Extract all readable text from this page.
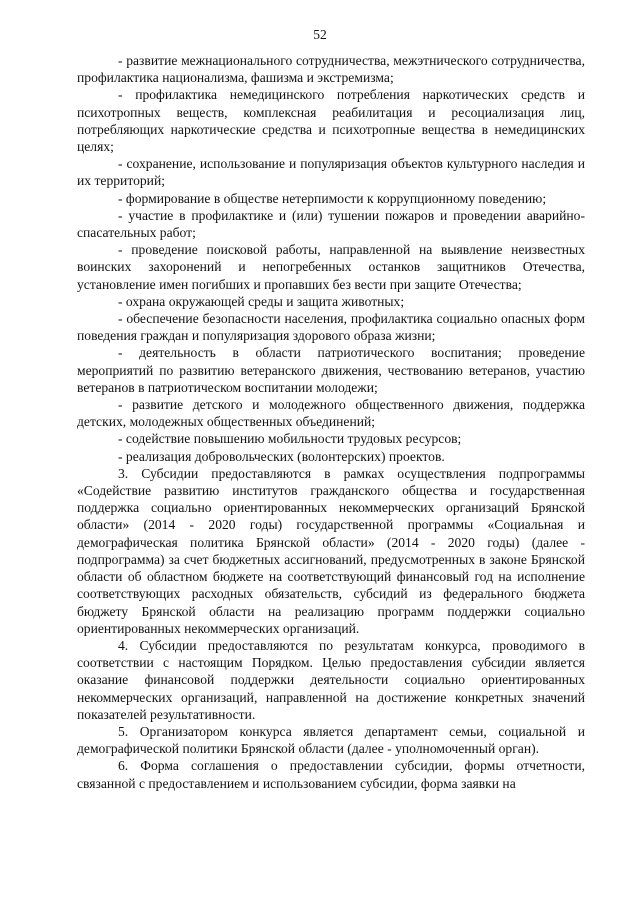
52

- развитие межнационального сотрудничества, межэтнического сотрудничества, профилактика национализма, фашизма и экстремизма;

- профилактика немедицинского потребления наркотических средств и психотропных веществ, комплексная реабилитация и ресоциализация лиц, потребляющих наркотические средства и психотропные вещества в немедицинских целях;

- сохранение, использование и популяризация объектов культурного наследия и их территорий;

- формирование в обществе нетерпимости к коррупционному поведению;

- участие в профилактике и (или) тушении пожаров и проведении аварийно-спасательных работ;

- проведение поисковой работы, направленной на выявление неизвестных воинских захоронений и непогребенных останков защитников Отечества, установление имен погибших и пропавших без вести при защите Отечества;

- охрана окружающей среды и защита животных;

- обеспечение безопасности населения, профилактика социально опасных форм поведения граждан и популяризация здорового образа жизни;

- деятельность в области патриотического воспитания; проведение мероприятий по развитию ветеранского движения, чествованию ветеранов, участию ветеранов в патриотическом воспитании молодежи;

- развитие детского и молодежного общественного движения, поддержка детских, молодежных общественных объединений;

- содействие повышению мобильности трудовых ресурсов;

- реализация добровольческих (волонтерских) проектов.

3. Субсидии предоставляются в рамках осуществления подпрограммы «Содействие развитию институтов гражданского общества и государственная поддержка социально ориентированных некоммерческих организаций Брянской области» (2014 - 2020 годы) государственной программы «Социальная и демографическая политика Брянской области» (2014 - 2020 годы) (далее - подпрограмма) за счет бюджетных ассигнований, предусмотренных в законе Брянской области об областном бюджете на соответствующий финансовый год на исполнение соответствующих расходных обязательств, субсидий из федерального бюджета бюджету Брянской области на реализацию программ поддержки социально ориентированных некоммерческих организаций.

4. Субсидии предоставляются по результатам конкурса, проводимого в соответствии с настоящим Порядком. Целью предоставления субсидии является оказание финансовой поддержки деятельности социально ориентированных некоммерческих организаций, направленной на достижение конкретных значений показателей результативности.

5. Организатором конкурса является департамент семьи, социальной и демографической политики Брянской области (далее - уполномоченный орган).

6. Форма соглашения о предоставлении субсидии, формы отчетности, связанной с предоставлением и использованием субсидии, форма заявки на
